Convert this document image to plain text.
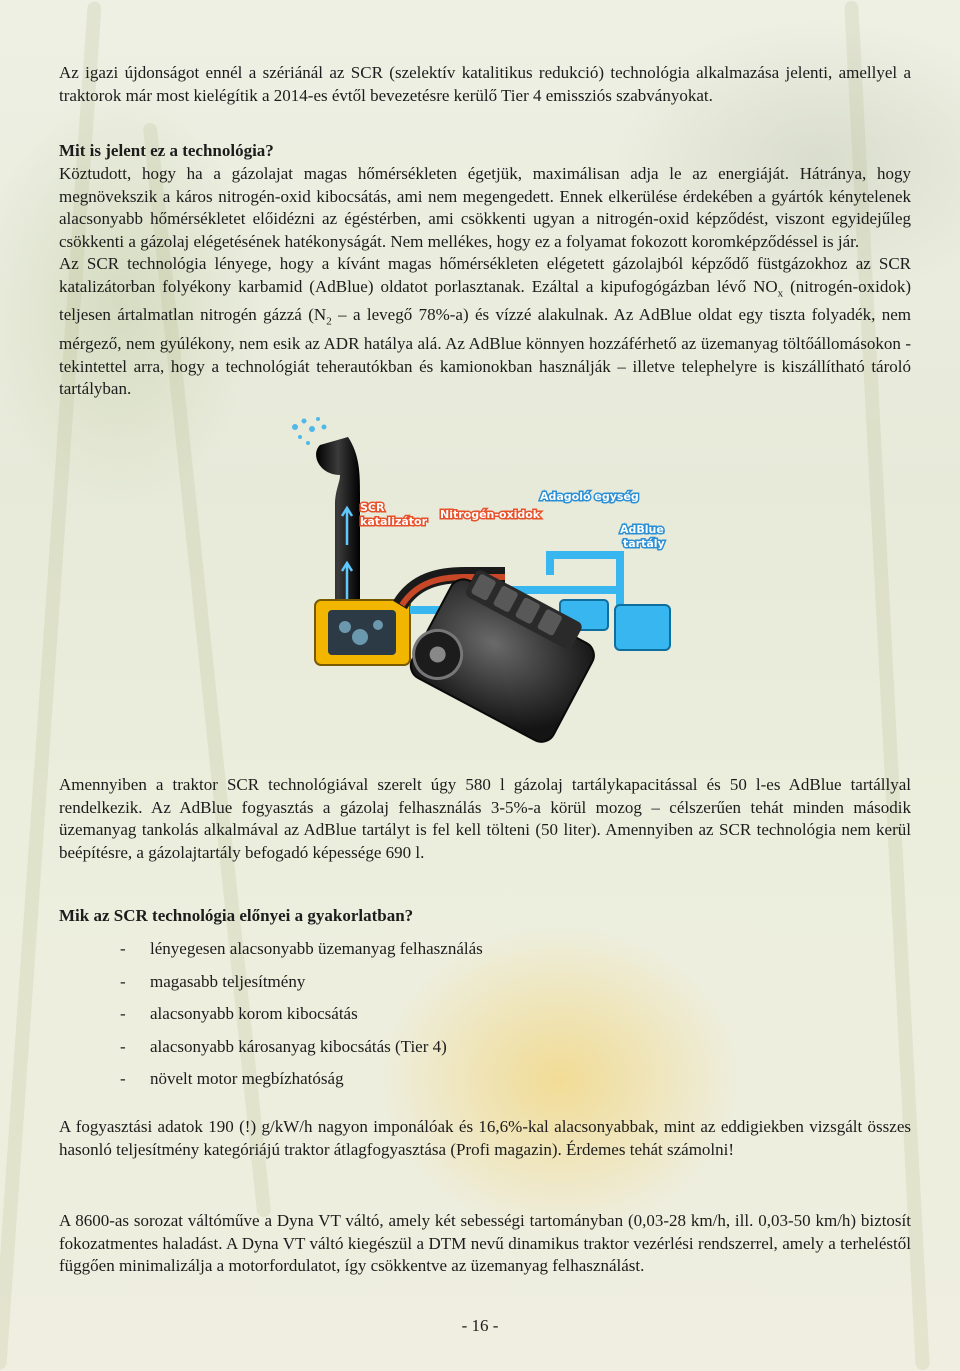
Az igazi újdonságot ennél a szériánál az SCR (szelektív katalitikus redukció) technológia alkalmazása jelenti, amellyel a traktorok már most kielégítik a 2014-es évtől bevezetésre kerülő Tier 4 emissziós szabványokat.

Mit is jelent ez a technológia?

Köztudott, hogy ha a gázolajat magas hőmérsékleten égetjük, maximálisan adja le az energiáját. Hátránya, hogy megnövekszik a káros nitrogén-oxid kibocsátás, ami nem megengedett. Ennek elkerülése érdekében a gyártók kénytelenek alacsonyabb hőmérsékletet előidézni az égéstérben, ami csökkenti ugyan a nitrogén-oxid képződést, viszont egyidejűleg csökkenti a gázolaj elégetésének hatékonyságát. Nem mellékes, hogy ez a folyamat fokozott koromképződéssel is jár.

Az SCR technológia lényege, hogy a kívánt magas hőmérsékleten elégetett gázolajból képződő füstgázokhoz az SCR katalizátorban folyékony karbamid (AdBlue) oldatot porlasztanak. Ezáltal a kipufogógázban lévő $NO_x$ (nitrogén-oxidok) teljesen ártalmatlan nitrogén gázzá ($N_2$ – a levegő 78%-a) és vízzé alakulnak. Az AdBlue oldat egy tiszta folyadék, nem mérgező, nem gyúlékony, nem esik az ADR hatálya alá. Az AdBlue könnyen hozzáférhető az üzemanyag töltőállomásokon - tekintettel arra, hogy a technológiát teherautókban és kamionokban használják – illetve telephelyre is kiszállítható tároló tartályban.

SCR
katalizátor
Nitrogén-oxidok
Adagoló egység
AdBlue
tartály

Amennyiben a traktor SCR technológiával szerelt úgy 580 l gázolaj tartálykapacitással és 50 l-es AdBlue tartállyal rendelkezik. Az AdBlue fogyasztás a gázolaj felhasználás 3-5%-a körül mozog – célszerűen tehát minden második üzemanyag tankolás alkalmával az AdBlue tartályt is fel kell tölteni (50 liter). Amennyiben az SCR technológia nem kerül beépítésre, a gázolajtartály befogadó képessége 690 l.

Mik az SCR technológia előnyei a gyakorlatban?
-	lényegesen alacsonyabb üzemanyag felhasználás
-	magasabb teljesítmény
-	alacsonyabb korom kibocsátás
-	alacsonyabb károsanyag kibocsátás (Tier 4)
-	növelt motor megbízhatóság

A fogyasztási adatok 190 (!) g/kW/h nagyon imponálóak és 16,6%-kal alacsonyabbak, mint az eddigiekben vizsgált összes hasonló teljesítmény kategóriájú traktor átlagfogyasztása (Profi magazin). Érdemes tehát számolni!

A 8600-as sorozat váltóműve a Dyna VT váltó, amely két sebességi tartományban (0,03-28 km/h, ill. 0,03-50 km/h) biztosít fokozatmentes haladást. A Dyna VT váltó kiegészül a DTM nevű dinamikus traktor vezérlési rendszerrel, amely a terheléstől függően minimalizálja a motorfordulatot, így csökkentve az üzemanyag felhasználást.

- 16 -
